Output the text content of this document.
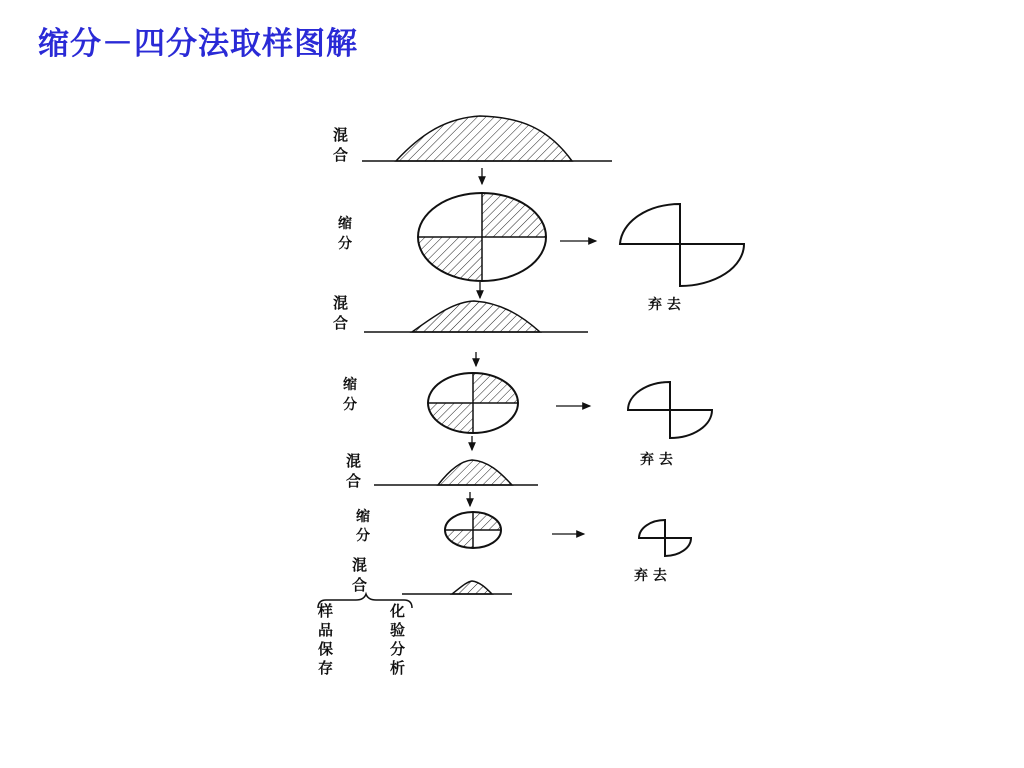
缩分－四分法取样图解
混
合
缩
分
弃 去
混
合
缩
分
弃 去
混
合
缩
分
弃 去
混
合
样
品
保
存
化
验
分
析
